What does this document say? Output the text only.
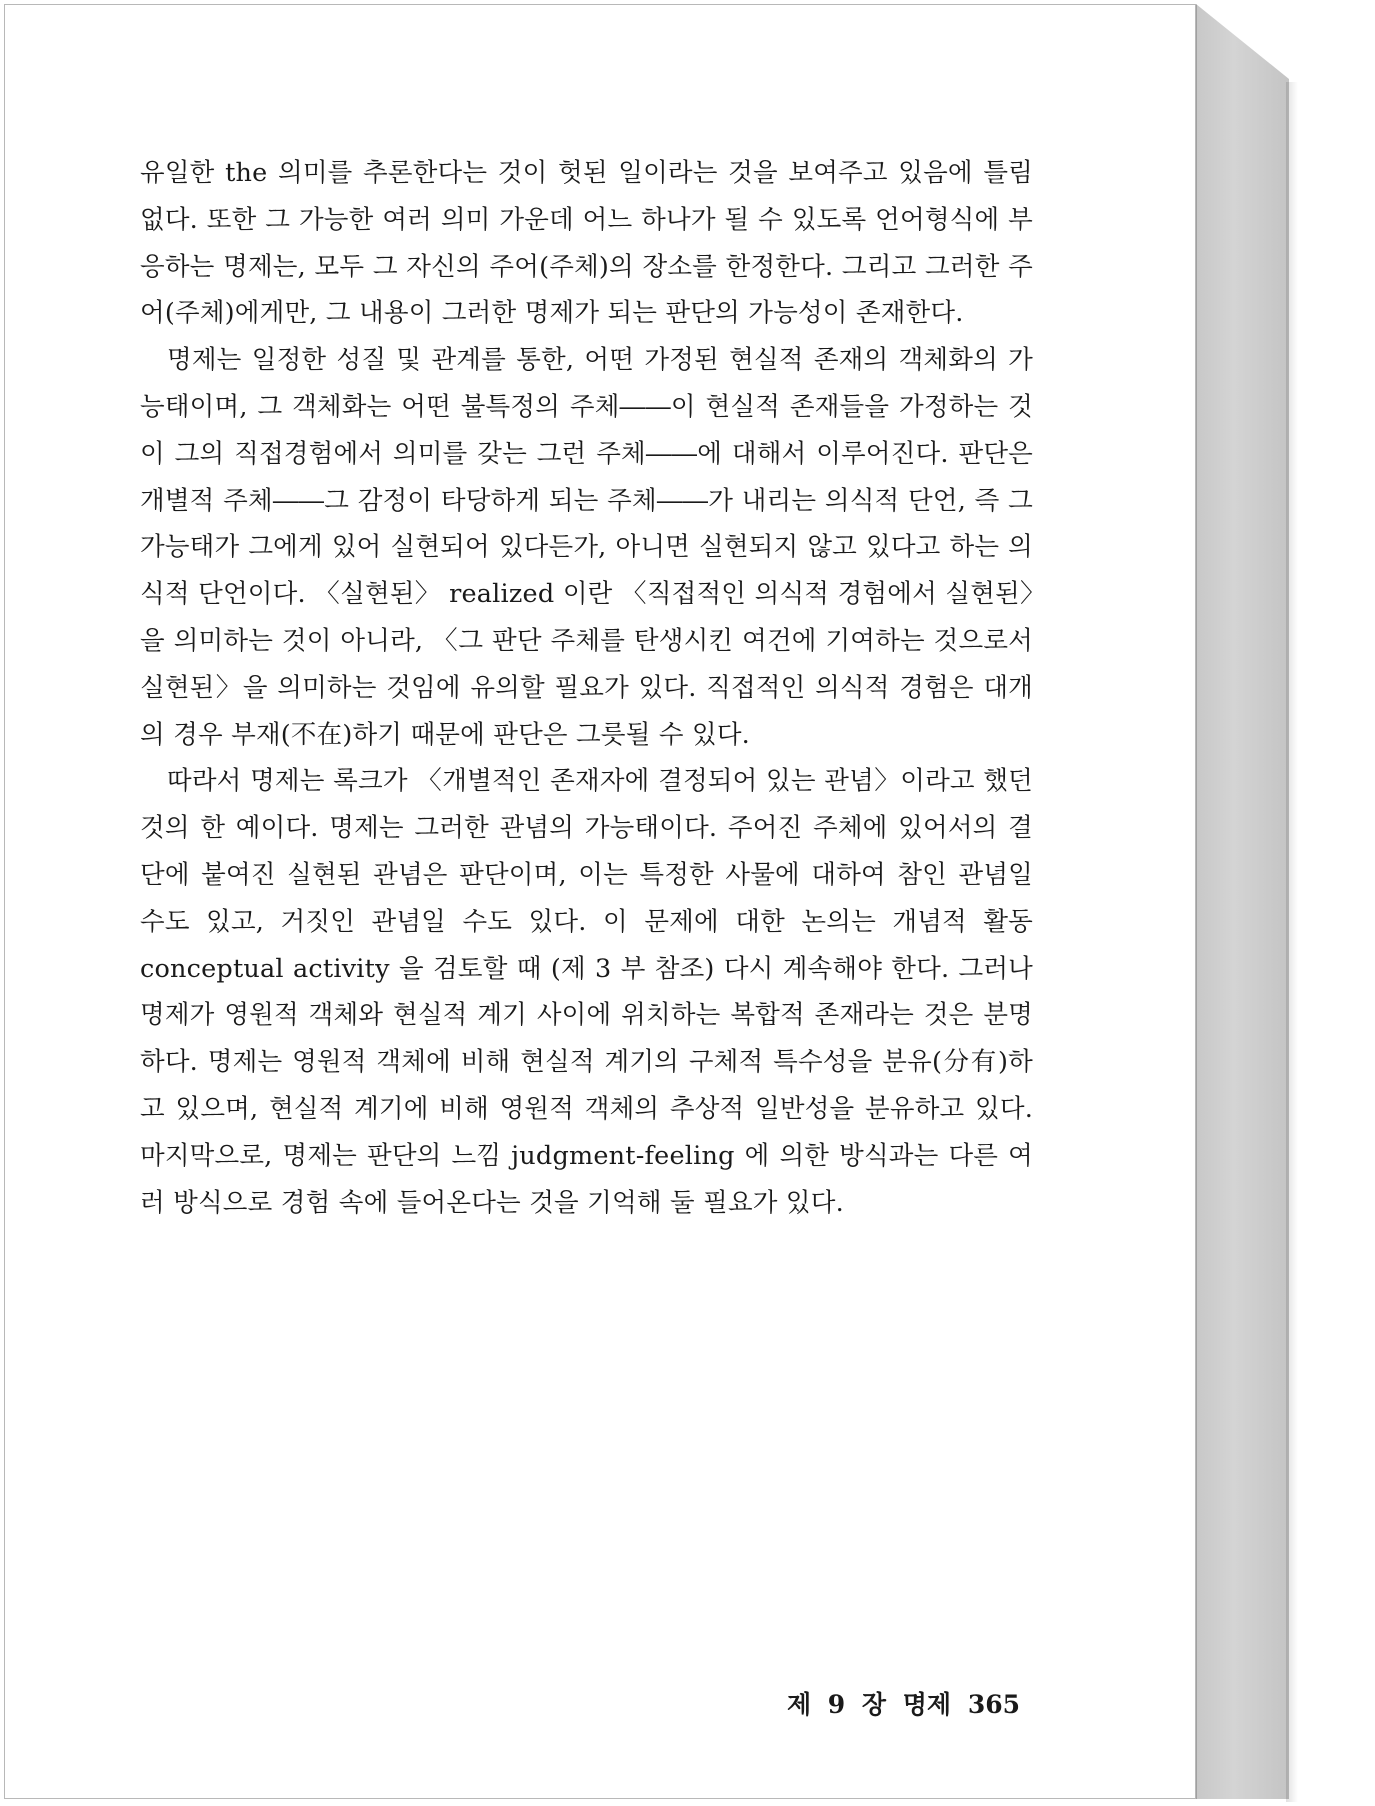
유일한 the 의미를 추론한다는 것이 헛된 일이라는 것을 보여주고 있음에 틀림없다. 또한 그 가능한 여러 의미 가운데 어느 하나가 될 수 있도록 언어형식에 부응하는 명제는, 모두 그 자신의 주어(주체)의 장소를 한정한다. 그리고 그러한 주어(주체)에게만, 그 내용이 그러한 명제가 되는 판단의 가능성이 존재한다.

명제는 일정한 성질 및 관계를 통한, 어떤 가정된 현실적 존재의 객체화의 가능태이며, 그 객체화는 어떤 불특정의 주체――이 현실적 존재들을 가정하는 것이 그의 직접경험에서 의미를 갖는 그런 주체――에 대해서 이루어진다. 판단은 개별적 주체――그 감정이 타당하게 되는 주체――가 내리는 의식적 단언, 즉 그 가능태가 그에게 있어 실현되어 있다든가, 아니면 실현되지 않고 있다고 하는 의식적 단언이다. 〈실현된〉 realized 이란 〈직접적인 의식적 경험에서 실현된〉을 의미하는 것이 아니라, 〈그 판단 주체를 탄생시킨 여건에 기여하는 것으로서 실현된〉을 의미하는 것임에 유의할 필요가 있다. 직접적인 의식적 경험은 대개의 경우 부재(不在)하기 때문에 판단은 그릇될 수 있다.

따라서 명제는 록크가 〈개별적인 존재자에 결정되어 있는 관념〉이라고 했던 것의 한 예이다. 명제는 그러한 관념의 가능태이다. 주어진 주체에 있어서의 결단에 붙여진 실현된 관념은 판단이며, 이는 특정한 사물에 대하여 참인 관념일 수도 있고, 거짓인 관념일 수도 있다. 이 문제에 대한 논의는 개념적 활동 conceptual activity 을 검토할 때 (제 3 부 참조) 다시 계속해야 한다. 그러나 명제가 영원적 객체와 현실적 계기 사이에 위치하는 복합적 존재라는 것은 분명하다. 명제는 영원적 객체에 비해 현실적 계기의 구체적 특수성을 분유(分有)하고 있으며, 현실적 계기에 비해 영원적 객체의 추상적 일반성을 분유하고 있다. 마지막으로, 명제는 판단의 느낌 judgment-feeling 에 의한 방식과는 다른 여러 방식으로 경험 속에 들어온다는 것을 기억해 둘 필요가 있다.

제 9 장 명제 365
